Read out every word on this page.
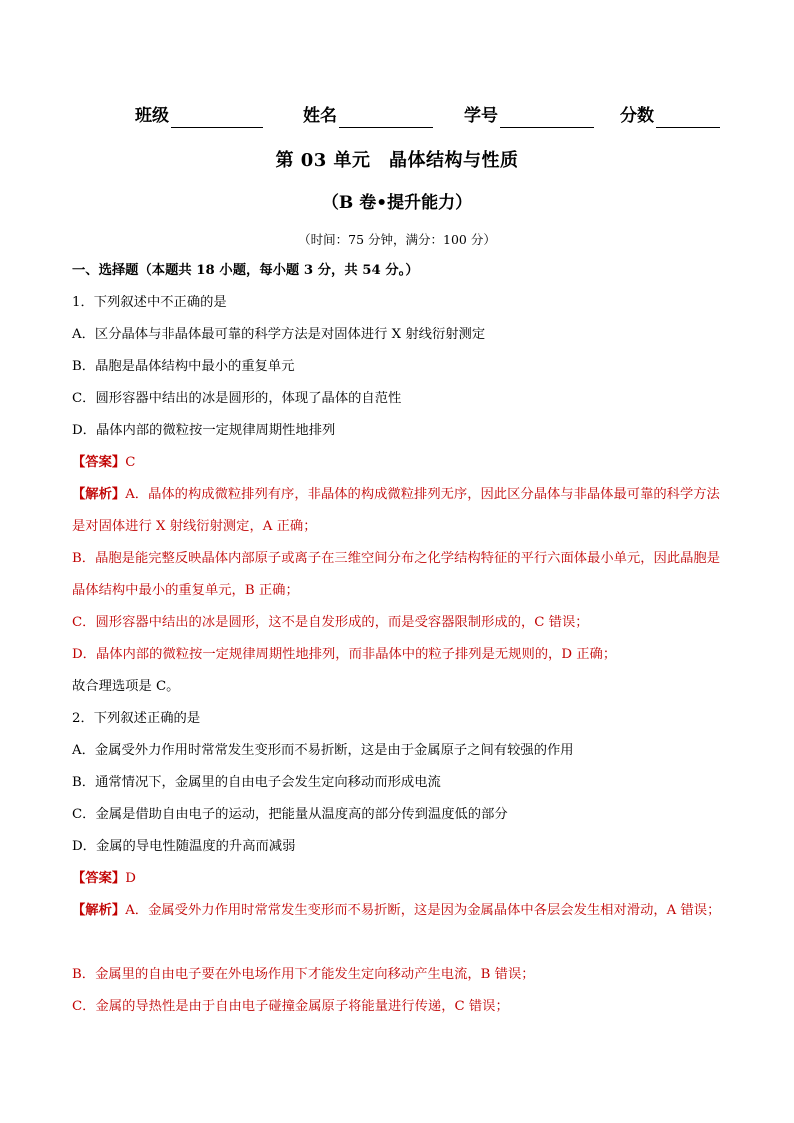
班级	姓名	学号	分数
第 03 单元　晶体结构与性质
（B 卷•提升能力）
（时间：75 分钟，满分：100 分）
一、选择题（本题共 18 小题，每小题 3 分，共 54 分。）
1．下列叙述中不正确的是
A．区分晶体与非晶体最可靠的科学方法是对固体进行 X 射线衍射测定
B．晶胞是晶体结构中最小的重复单元
C．圆形容器中结出的冰是圆形的，体现了晶体的自范性
D．晶体内部的微粒按一定规律周期性地排列
【答案】C
【解析】A．晶体的构成微粒排列有序，非晶体的构成微粒排列无序，因此区分晶体与非晶体最可靠的科学方法是对固体进行 X 射线衍射测定，A 正确；
B．晶胞是能完整反映晶体内部原子或离子在三维空间分布之化学结构特征的平行六面体最小单元，因此晶胞是晶体结构中最小的重复单元，B 正确；
C．圆形容器中结出的冰是圆形，这不是自发形成的，而是受容器限制形成的，C 错误；
D．晶体内部的微粒按一定规律周期性地排列，而非晶体中的粒子排列是无规则的，D 正确；
故合理选项是 C。
2．下列叙述正确的是
A．金属受外力作用时常常发生变形而不易折断，这是由于金属原子之间有较强的作用
B．通常情况下，金属里的自由电子会发生定向移动而形成电流
C．金属是借助自由电子的运动，把能量从温度高的部分传到温度低的部分
D．金属的导电性随温度的升高而减弱
【答案】D
【解析】A．金属受外力作用时常常发生变形而不易折断，这是因为金属晶体中各层会发生相对滑动，A 错误；
B．金属里的自由电子要在外电场作用下才能发生定向移动产生电流，B 错误；
C．金属的导热性是由于自由电子碰撞金属原子将能量进行传递，C 错误；
